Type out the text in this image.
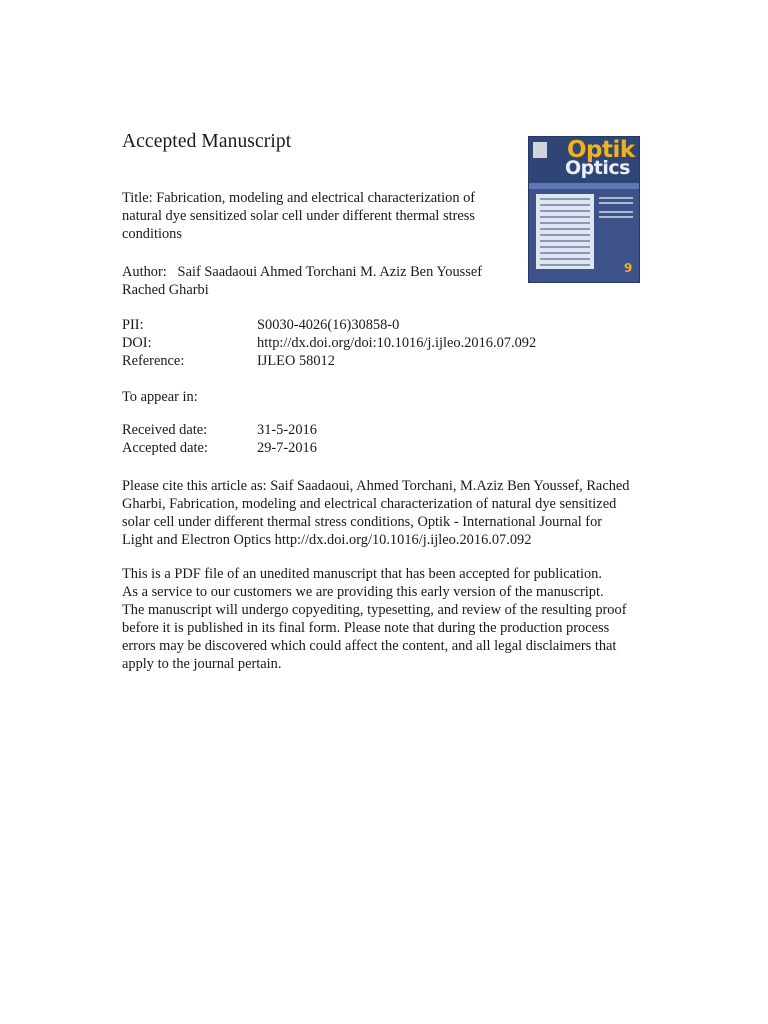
Accepted Manuscript
Title: Fabrication, modeling and electrical characterization of
natural dye sensitized solar cell under different thermal stress
conditions
Author:   Saif Saadaoui Ahmed Torchani M. Aziz Ben Youssef
Rached Gharbi
PII:	S0030-4026(16)30858-0
DOI:	http://dx.doi.org/doi:10.1016/j.ijleo.2016.07.092
Reference:	IJLEO 58012
To appear in:
Received date:	31-5-2016
Accepted date:	29-7-2016
Please cite this article as: Saif Saadaoui, Ahmed Torchani, M.Aziz Ben Youssef, Rached
Gharbi, Fabrication, modeling and electrical characterization of natural dye sensitized
solar cell under different thermal stress conditions, Optik - International Journal for
Light and Electron Optics http://dx.doi.org/10.1016/j.ijleo.2016.07.092
This is a PDF file of an unedited manuscript that has been accepted for publication.
As a service to our customers we are providing this early version of the manuscript.
The manuscript will undergo copyediting, typesetting, and review of the resulting proof
before it is published in its final form. Please note that during the production process
errors may be discovered which could affect the content, and all legal disclaimers that
apply to the journal pertain.
Optik
Optics
9
